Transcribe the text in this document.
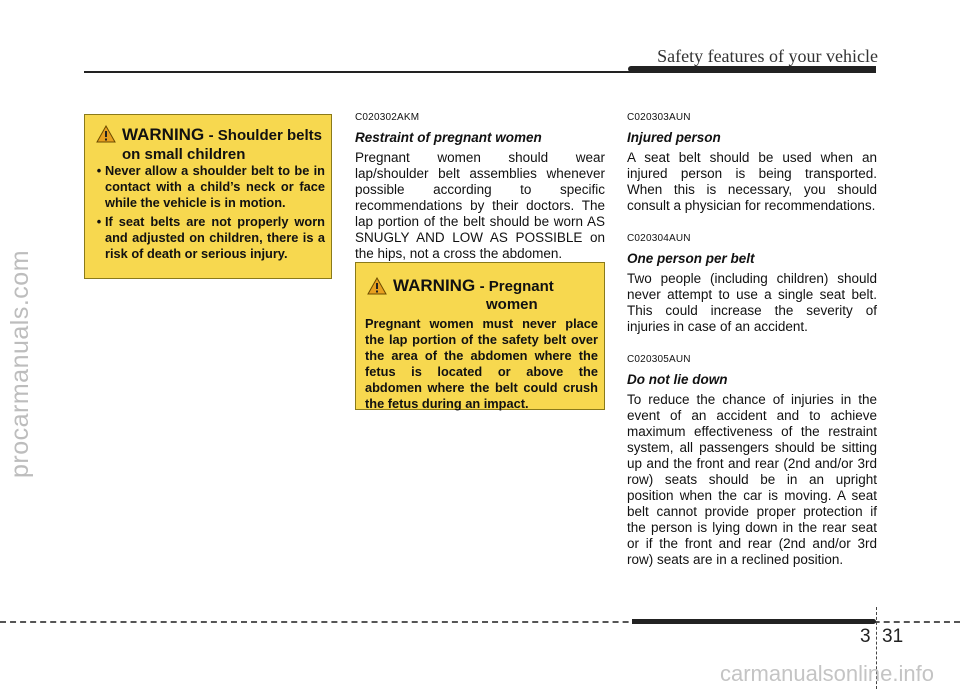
procarmanuals.com
Safety features of your vehicle
WARNING - Shoulder belts on small children
• Never allow a shoulder belt to be in contact with a child’s neck or face while the vehicle is in motion.
• If seat belts are not properly worn and adjusted on children, there is a risk of death or serious injury.
C020302AKM
Restraint of pregnant women
Pregnant women should wear lap/shoulder belt assemblies whenever possible according to specific recommendations by their doctors. The lap portion of the belt should be worn AS SNUGLY AND LOW AS POSSIBLE on the hips, not a cross the abdomen.
WARNING - Pregnant
women
Pregnant women must never place the lap portion of the safety belt over the area of the abdomen where the fetus is located or above the abdomen where the belt could crush the fetus during an impact.
C020303AUN
Injured person
A seat belt should be used when an injured person is being transported. When this is necessary, you should consult a physician for recommendations.
C020304AUN
One person per belt
Two people (including children) should never attempt to use a single seat belt. This could increase the severity of injuries in case of an accident.
C020305AUN
Do not lie down
To reduce the chance of injuries in the event of an accident and to achieve maximum effectiveness of the restraint system, all passengers should be sitting up and the front and rear (2nd and/or 3rd row) seats should be in an upright position when the car is moving. A seat belt cannot provide proper protection if the person is lying down in the rear seat or if the front and rear (2nd and/or 3rd row) seats are in a reclined position.
3 31
carmanualsonline.info
